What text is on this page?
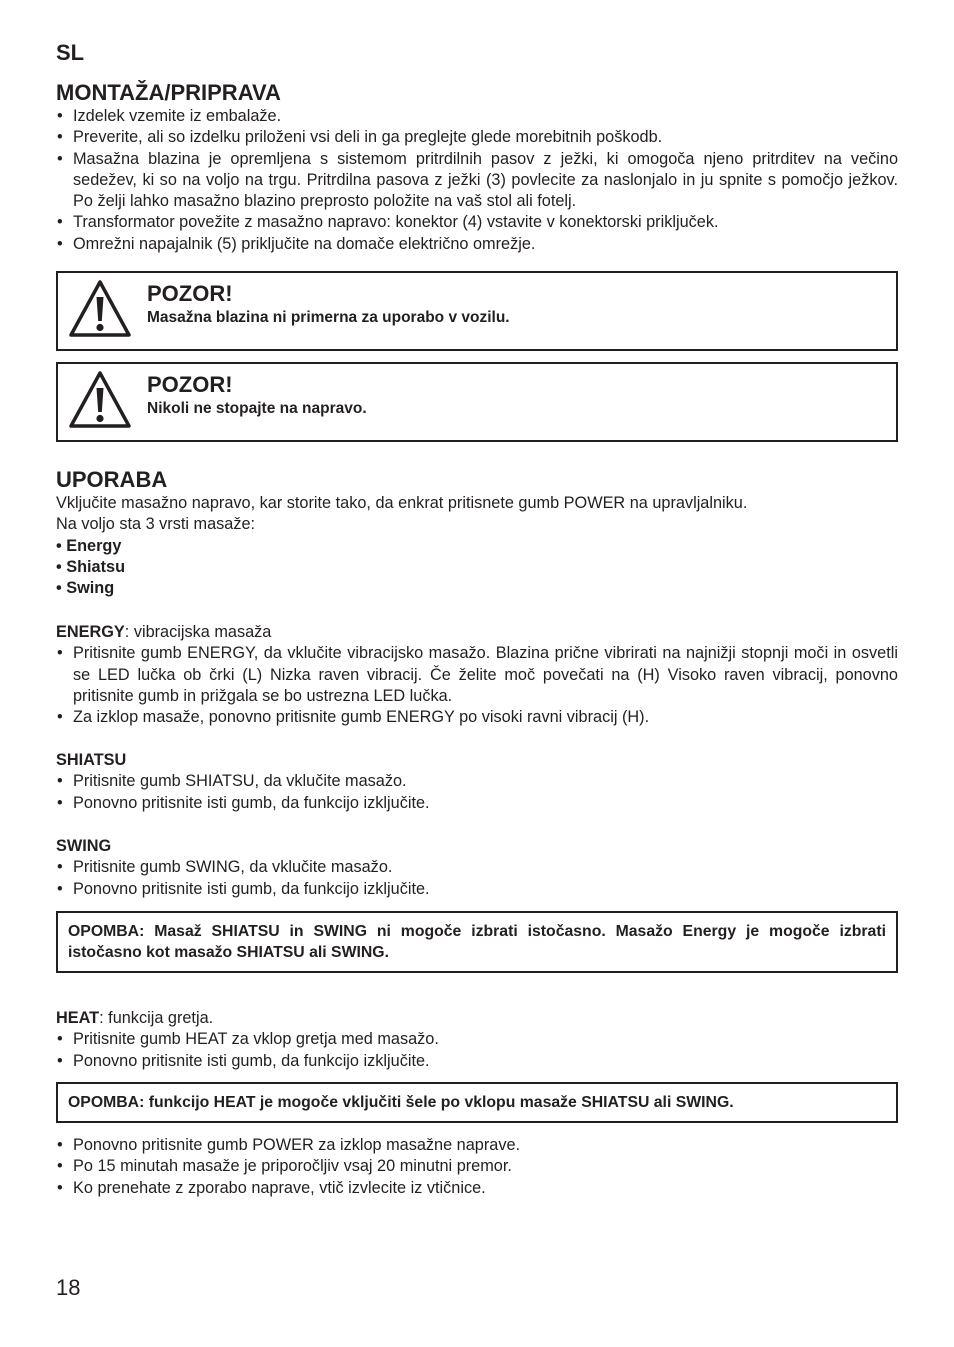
SL
MONTAŽA/PRIPRAVA
• Izdelek vzemite iz embalaže.
• Preverite, ali so izdelku priloženi vsi deli in ga preglejte glede morebitnih poškodb.
• Masažna blazina je opremljena s sistemom pritrdilnih pasov z ježki, ki omogoča njeno pritrditev na večino sedežev, ki so na voljo na trgu. Pritrdilna pasova z ježki (3) povlecite za naslonjalo in ju spnite s pomočjo ježkov. Po želji lahko masažno blazino preprosto položite na vaš stol ali fotelj.
• Transformator povežite z masažno napravo: konektor (4) vstavite v konektorski priključek.
• Omrežni napajalnik (5) priključite na domače električno omrežje.
POZOR!
Masažna blazina ni primerna za uporabo v vozilu.
POZOR!
Nikoli ne stopajte na napravo.
UPORABA

Vključite masažno napravo, kar storite tako, da enkrat pritisnete gumb POWER na upravljalniku.

Na voljo sta 3 vrsti masaže:

• Energy

• Shiatsu

• Swing

ENERGY: vibracijska masaža

• Pritisnite gumb ENERGY, da vklučite vibracijsko masažo. Blazina prične vibrirati na najnižji stopnji moči in osvetli se LED lučka ob črki (L) Nizka raven vibracij. Če želite moč povečati na (H) Visoko raven vibracij, ponovno pritisnite gumb in prižgala se bo ustrezna LED lučka.
• Za izklop masaže, ponovno pritisnite gumb ENERGY po visoki ravni vibracij (H).

SHIATSU

• Pritisnite gumb SHIATSU, da vklučite masažo.
• Ponovno pritisnite isti gumb, da funkcijo izključite.

SWING

• Pritisnite gumb SWING, da vklučite masažo.
• Ponovno pritisnite isti gumb, da funkcijo izključite.
OPOMBA: Masaž SHIATSU in SWING ni mogoče izbrati istočasno. Masažo Energy je mogoče izbrati istočasno kot masažo SHIATSU ali SWING.

HEAT: funkcija gretja.

• Pritisnite gumb HEAT za vklop gretja med masažo.
• Ponovno pritisnite isti gumb, da funkcijo izključite.
OPOMBA: funkcijo HEAT je mogoče vključiti šele po vklopu masaže SHIATSU ali SWING.
• Ponovno pritisnite gumb POWER za izklop masažne naprave.
• Po 15 minutah masaže je priporočljiv vsaj 20 minutni premor.
• Ko prenehate z zporabo naprave, vtič izvlecite iz vtičnice.
18
